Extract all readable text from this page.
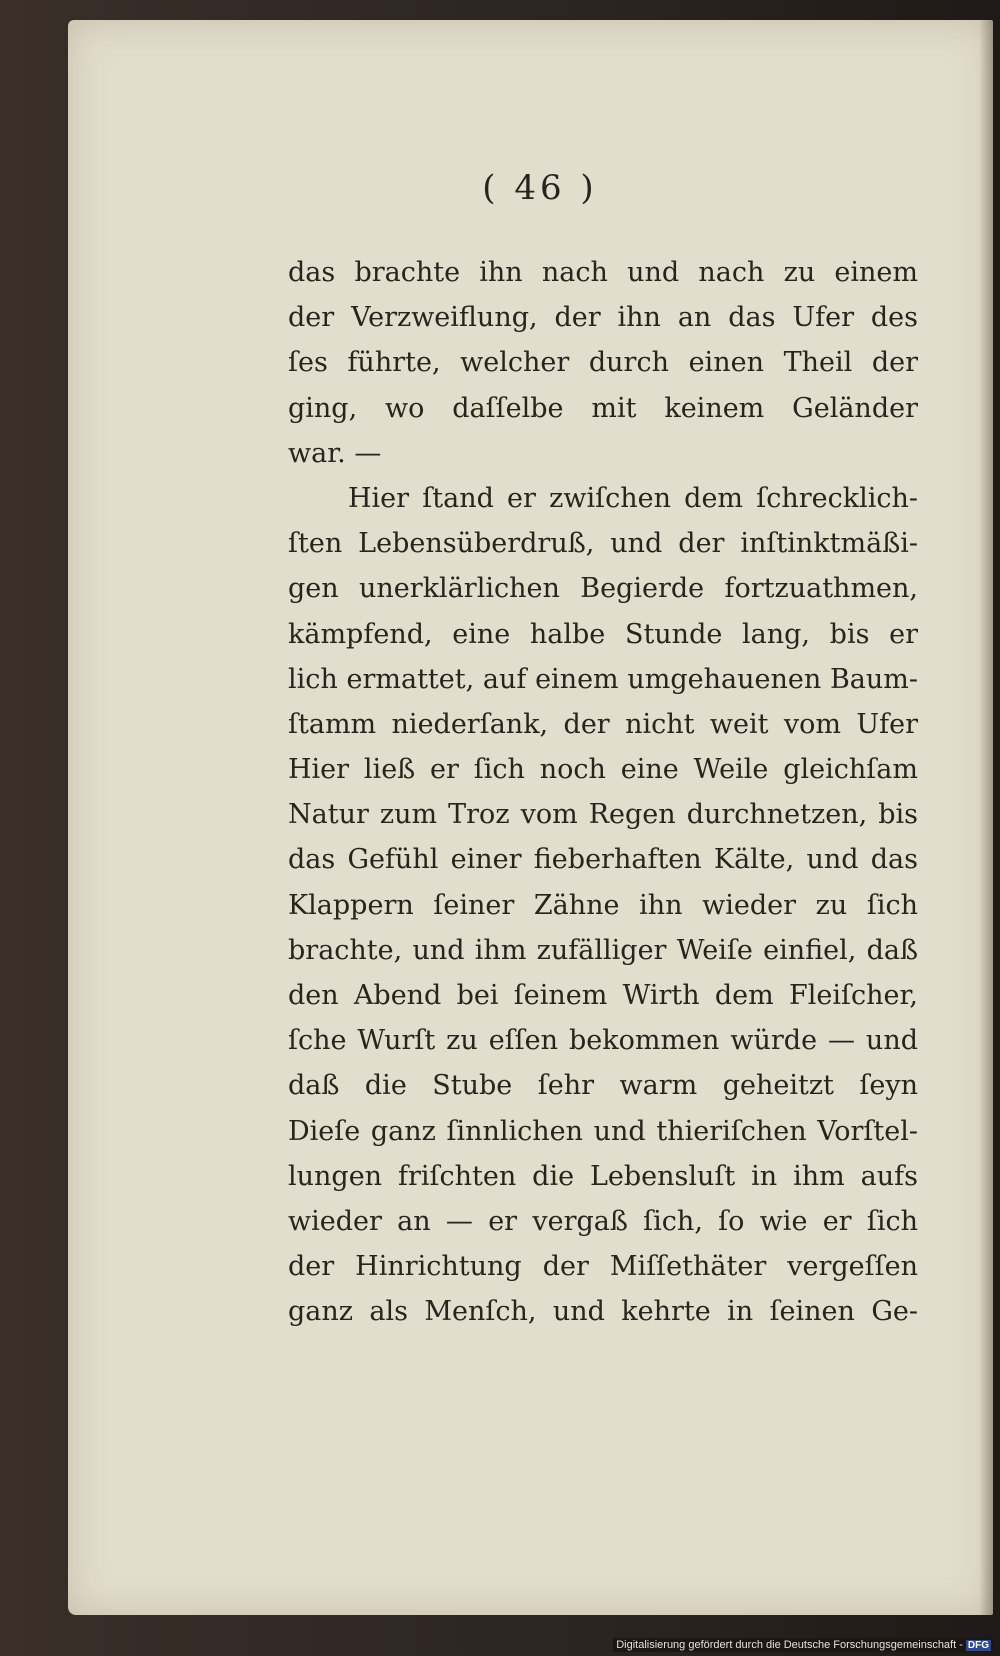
( 46 )
das brachte ihn nach und nach zu einem
der Verzweiflung, der ihn an das Ufer des
ſes führte, welcher durch einen Theil der
ging, wo daſſelbe mit keinem Geländer
war. —
Hier ſtand er zwiſchen dem ſchrecklich-
ſten Lebensüberdruß, und der inſtinktmäßi-
gen unerklärlichen Begierde fortzuathmen,
kämpfend, eine halbe Stunde lang, bis er
lich ermattet, auf einem umgehauenen Baum-
ſtamm niederſank, der nicht weit vom Ufer
Hier ließ er ſich noch eine Weile gleichſam
Natur zum Troz vom Regen durchnetzen, bis
das Gefühl einer fieberhaften Kälte, und das
Klappern ſeiner Zähne ihn wieder zu ſich
brachte, und ihm zufälliger Weiſe einfiel, daß
den Abend bei ſeinem Wirth dem Fleiſcher,
ſche Wurſt zu eſſen bekommen würde — und
daß die Stube ſehr warm geheitzt ſeyn
Dieſe ganz ſinnlichen und thieriſchen Vorſtel-
lungen friſchten die Lebensluſt in ihm aufs
wieder an — er vergaß ſich, ſo wie er ſich
der Hinrichtung der Miſſethäter vergeſſen
ganz als Menſch, und kehrte in ſeinen Ge-
Digitalisierung gefördert durch die Deutsche Forschungsgemeinschaft - DFG
